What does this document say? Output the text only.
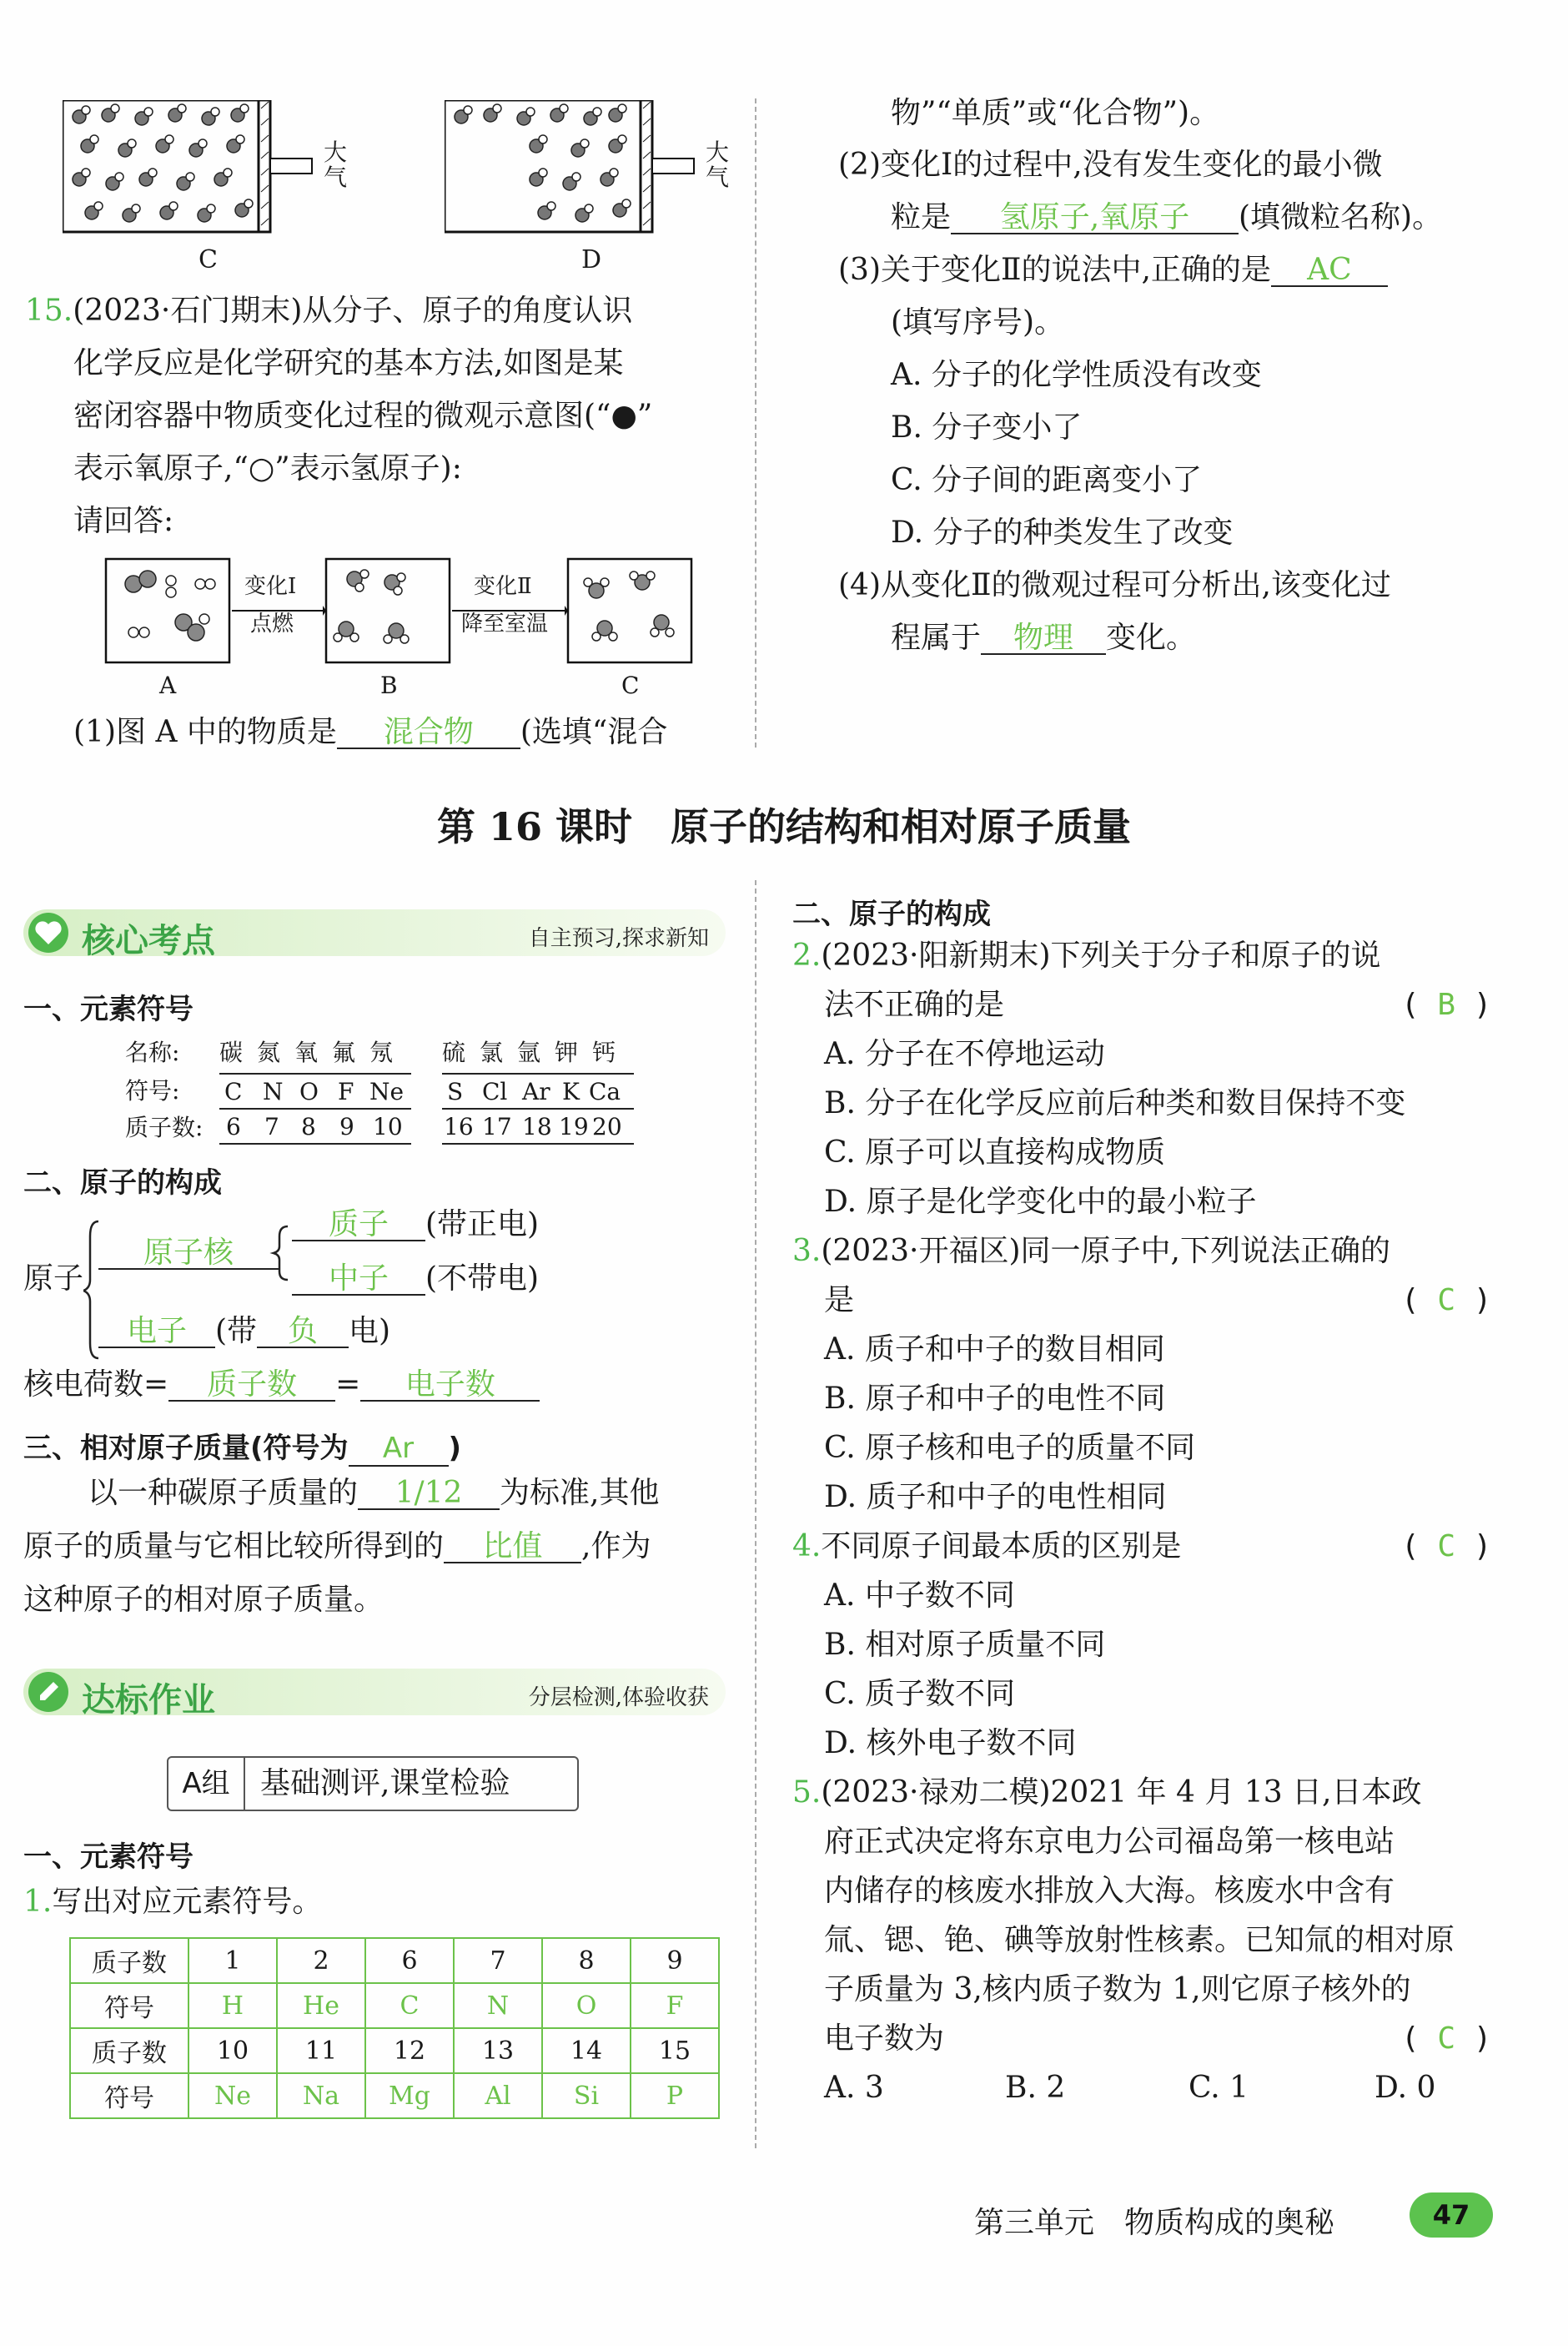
大气
C
大气
D
15.(2023·石门期末)从分子、原子的角度认识
化学反应是化学研究的基本方法,如图是某
密闭容器中物质变化过程的微观示意图(“●”
表示氧原子,“○”表示氢原子):
请回答:
变化Ⅰ
点燃
变化Ⅱ
降至室温
A	B	C
(1)图 A 中的物质是 混合物 (选填“混合
物”“单质”或“化合物”)。
(2)变化Ⅰ的过程中,没有发生变化的最小微
粒是 氢原子,氧原子 (填微粒名称)。
(3)关于变化Ⅱ的说法中,正确的是 AC
(填写序号)。
A. 分子的化学性质没有改变
B. 分子变小了
C. 分子间的距离变小了
D. 分子的种类发生了改变
(4)从变化Ⅱ的微观过程可分析出,该变化过
程属于 物理 变化。
第 16 课时　原子的结构和相对原子质量
核心考点	自主预习,探求新知
一、元素符号
名称:
符号:
质子数:
碳 氮 氧 氟 氖 硫 氯 氩 钾 钙
C N O F Ne S Cl Ar K Ca
6 7 8 9 10 16 17 18 19 20
二、原子的构成
原子
原子核
质子 (带正电)
中子 (不带电)
电子 (带 负 电)
核电荷数= 质子数 = 电子数
三、相对原子质量(符号为 Ar )
以一种碳原子质量的 1/12 为标准,其他
原子的质量与它相比较所得到的 比值 ,作为
这种原子的相对原子质量。
达标作业	分层检测,体验收获
A组	基础测评,课堂检验
一、元素符号
1.写出对应元素符号。
质子数	1	2	6	7	8	9
符号	H	He	C	N	O	F
质子数	10	11	12	13	14	15
符号	Ne	Na	Mg	Al	Si	P
二、原子的构成
2.(2023·阳新期末)下列关于分子和原子的说
法不正确的是	( B )
A. 分子在不停地运动
B. 分子在化学反应前后种类和数目保持不变
C. 原子可以直接构成物质
D. 原子是化学变化中的最小粒子
3.(2023·开福区)同一原子中,下列说法正确的
是	( C )
A. 质子和中子的数目相同
B. 原子和中子的电性不同
C. 原子核和电子的质量不同
D. 质子和中子的电性相同
4.不同原子间最本质的区别是	( C )
A. 中子数不同
B. 相对原子质量不同
C. 质子数不同
D. 核外电子数不同
5.(2023·禄劝二模)2021 年 4 月 13 日,日本政
府正式决定将东京电力公司福岛第一核电站
内储存的核废水排放入大海。核废水中含有
氚、锶、铯、碘等放射性核素。已知氚的相对原
子质量为 3,核内质子数为 1,则它原子核外的
电子数为	( C )
A. 3	B. 2	C. 1	D. 0
第三单元　物质构成的奥秘	47
